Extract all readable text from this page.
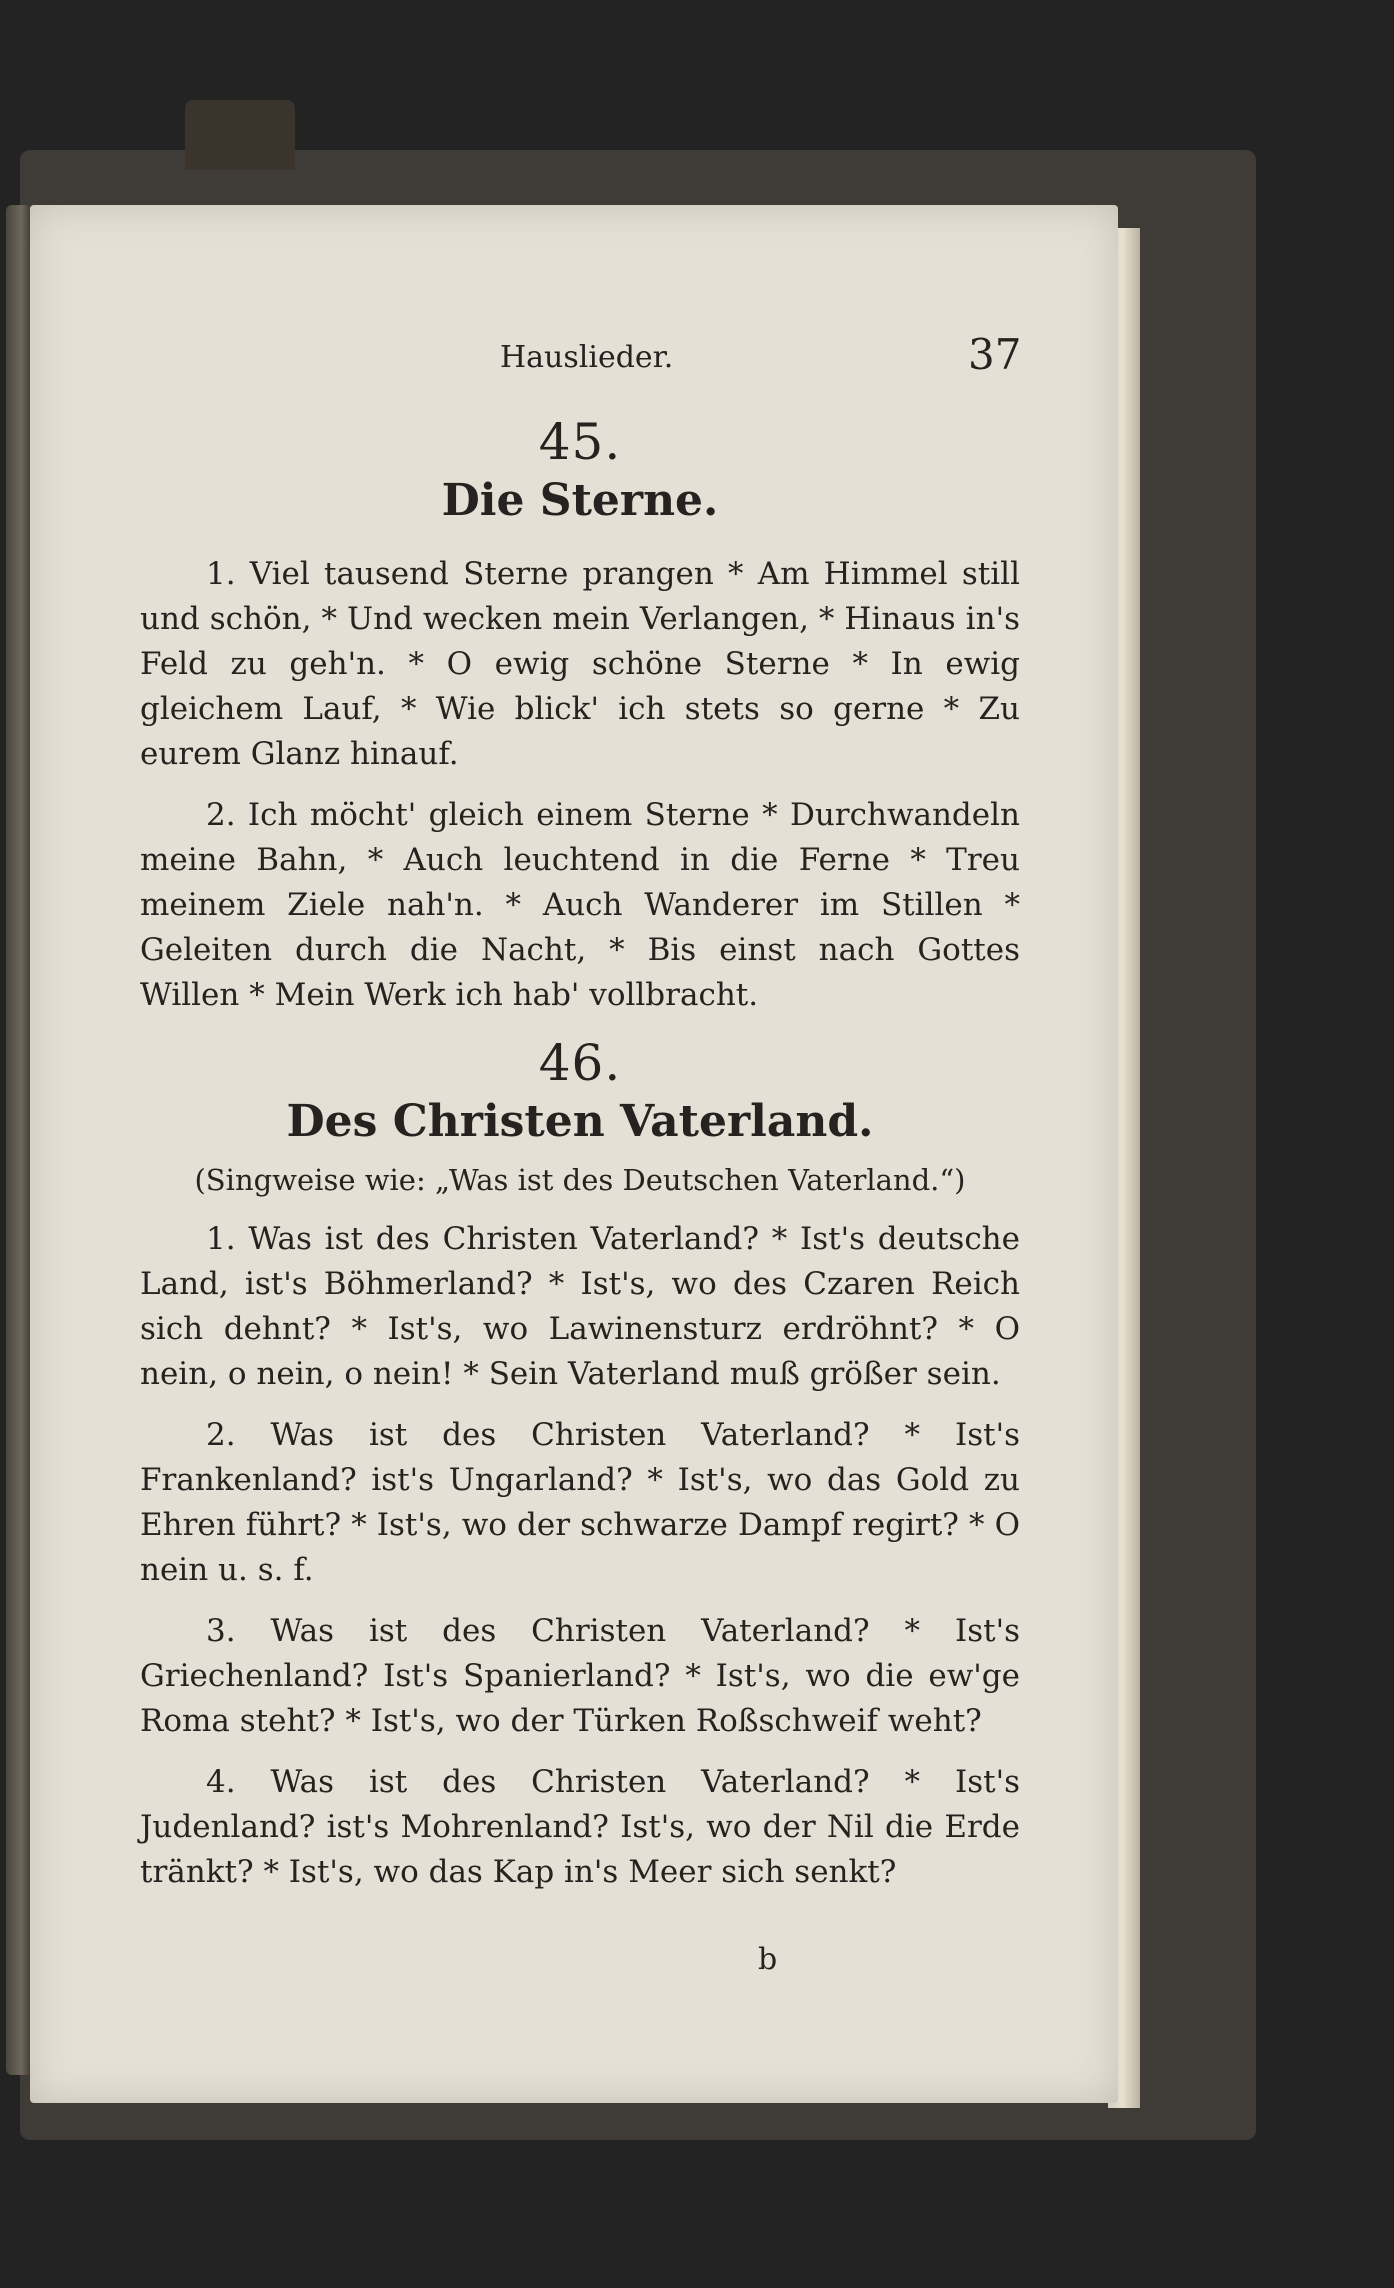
Hauslieder.	37
45.
Die Sterne.

1. Viel tausend Sterne prangen * Am Himmel still und schön, * Und wecken mein Verlangen, * Hinaus in's Feld zu geh'n. * O ewig schöne Sterne * In ewig gleichem Lauf, * Wie blick' ich stets so gerne * Zu eurem Glanz hinauf.

2. Ich möcht' gleich einem Sterne * Durchwandeln meine Bahn, * Auch leuchtend in die Ferne * Treu meinem Ziele nah'n. * Auch Wanderer im Stillen * Geleiten durch die Nacht, * Bis einst nach Gottes Willen * Mein Werk ich hab' vollbracht.

46.
Des Christen Vaterland.
(Singweise wie: „Was ist des Deutschen Vaterland.“)

1. Was ist des Christen Vaterland? * Ist's deutsche Land, ist's Böhmerland? * Ist's, wo des Czaren Reich sich dehnt? * Ist's, wo Lawinensturz erdröhnt? * O nein, o nein, o nein! * Sein Vaterland muß größer sein.

2. Was ist des Christen Vaterland? * Ist's Frankenland? ist's Ungarland? * Ist's, wo das Gold zu Ehren führt? * Ist's, wo der schwarze Dampf regirt? * O nein u. s. f.

3. Was ist des Christen Vaterland? * Ist's Griechenland? Ist's Spanierland? * Ist's, wo die ew'ge Roma steht? * Ist's, wo der Türken Roßschweif weht?

4. Was ist des Christen Vaterland? * Ist's Judenland? ist's Mohrenland? Ist's, wo der Nil die Erde tränkt? * Ist's, wo das Kap in's Meer sich senkt?

b
